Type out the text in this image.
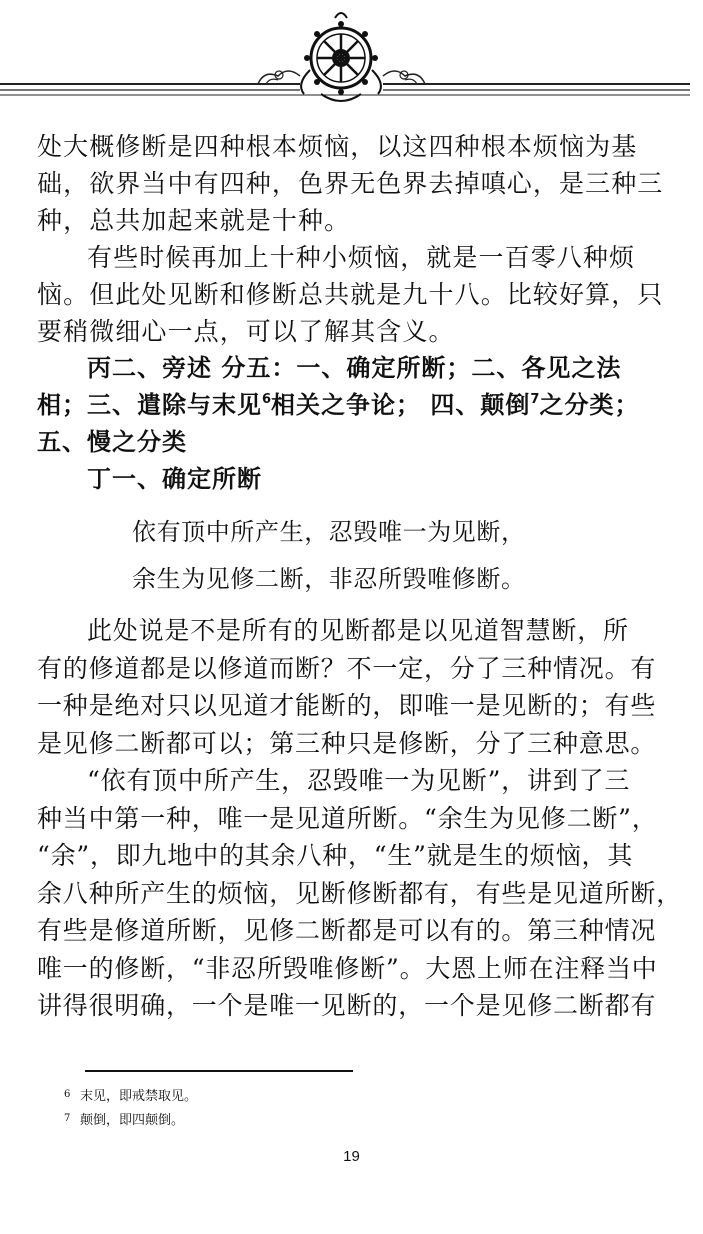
处大概修断是四种根本烦恼，以这四种根本烦恼为基
础，欲界当中有四种，色界无色界去掉嗔心，是三种三
种，总共加起来就是十种。

有些时候再加上十种小烦恼，就是一百零八种烦
恼。但此处见断和修断总共就是九十八。比较好算，只
要稍微细心一点，可以了解其含义。

丙二、旁述 分五：一、确定所断；二、各见之法
相；三、遣除与末见$^6$相关之争论； 四、颠倒$^7$之分类；
五、慢之分类
丁一、确定所断
依有顶中所产生，忍毁唯一为见断，
余生为见修二断，非忍所毁唯修断。

此处说是不是所有的见断都是以见道智慧断，所
有的修道都是以修道而断？不一定，分了三种情况。有
一种是绝对只以见道才能断的，即唯一是见断的；有些
是见修二断都可以；第三种只是修断，分了三种意思。

“依有顶中所产生，忍毁唯一为见断”，讲到了三
种当中第一种，唯一是见道所断。“余生为见修二断”，
“余”，即九地中的其余八种，“生”就是生的烦恼，其
余八种所产生的烦恼，见断修断都有，有些是见道所断，
有些是修道所断，见修二断都是可以有的。第三种情况
唯一的修断，“非忍所毁唯修断”。大恩上师在注释当中
讲得很明确，一个是唯一见断的，一个是见修二断都有

6 末见，即戒禁取见。
7 颠倒，即四颠倒。
19
